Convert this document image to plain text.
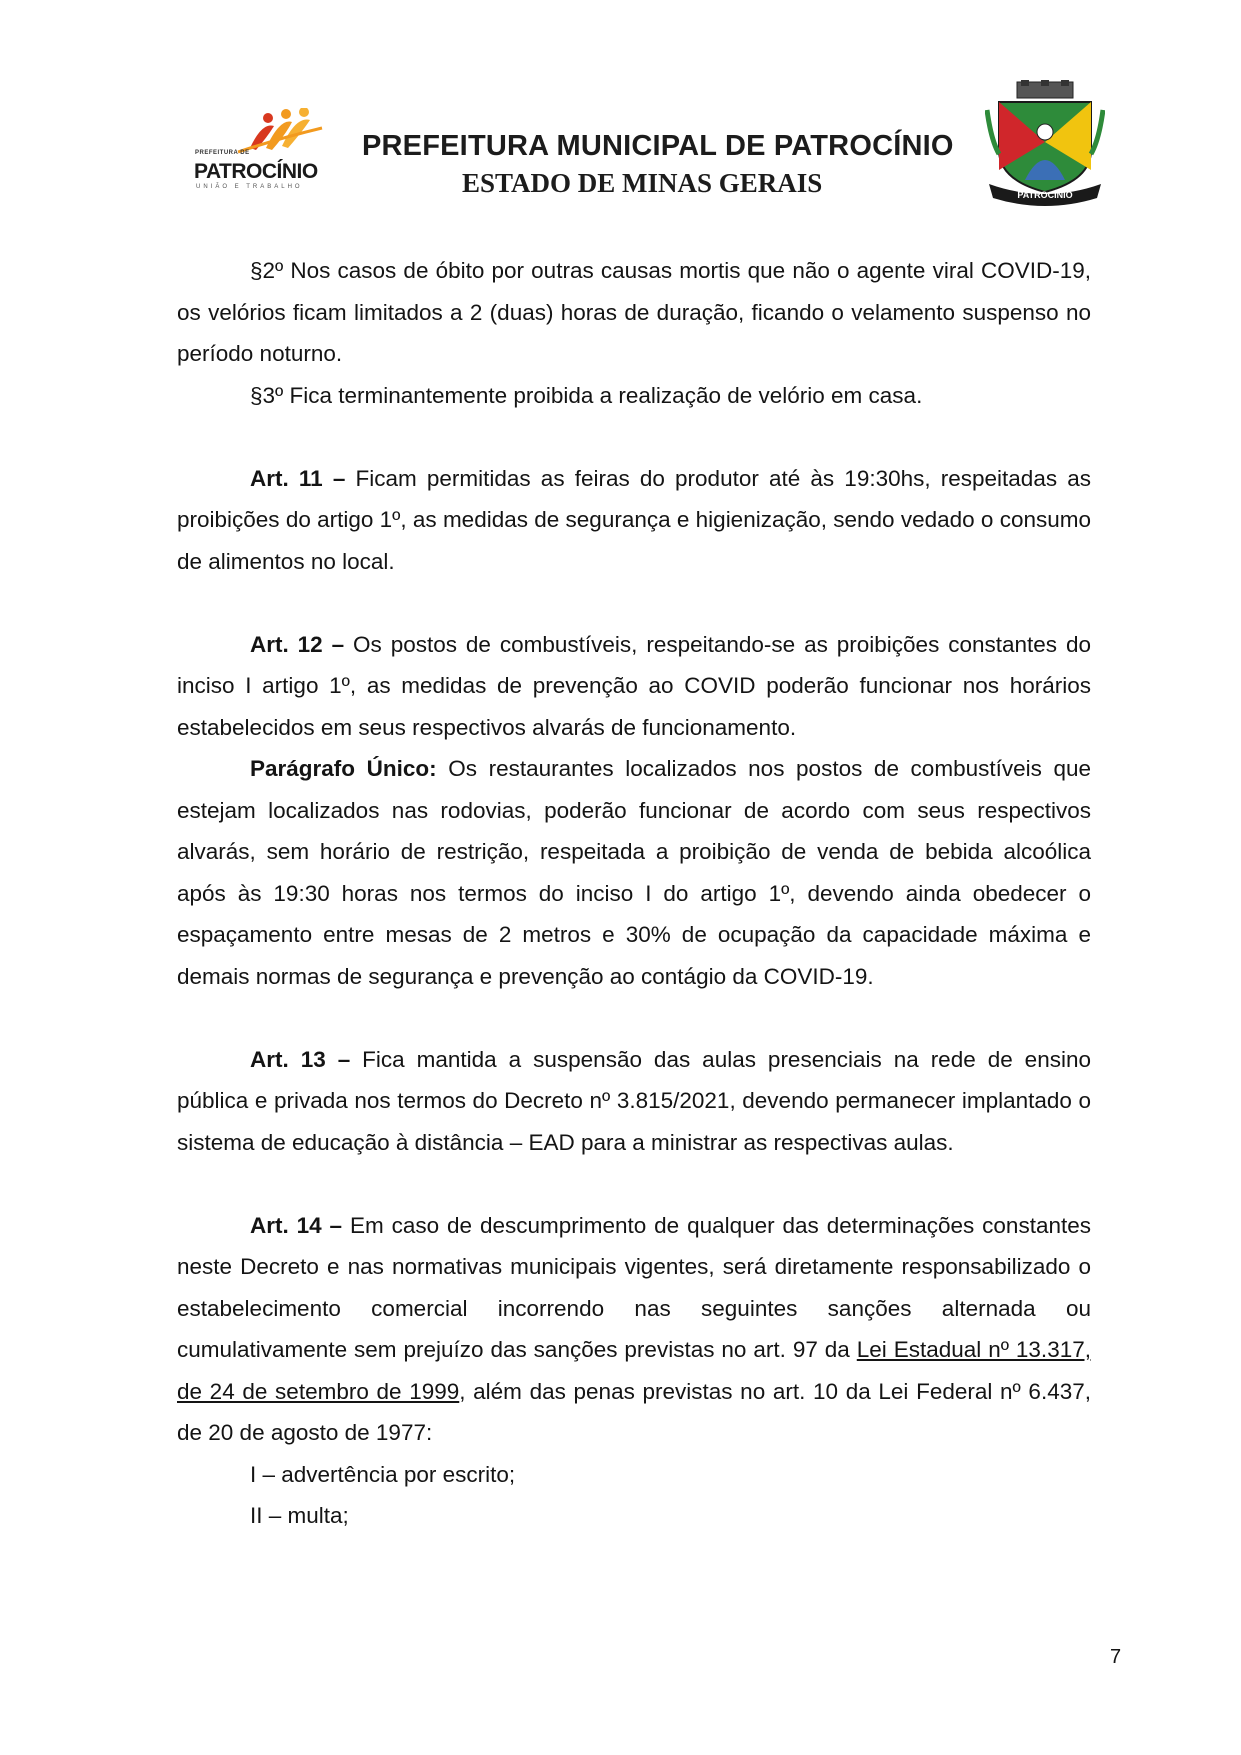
PREFEITURA DE
PATROCÍNIO
UNIÃO E TRABALHO
PREFEITURA MUNICIPAL DE PATROCÍNIO
ESTADO DE MINAS GERAIS	PATROCÍNIO

§2º Nos casos de óbito por outras causas mortis que não o agente viral COVID-19, os velórios ficam limitados a 2 (duas) horas de duração, ficando o velamento suspenso no período noturno.

§3º Fica terminantemente proibida a realização de velório em casa.

Art. 11 – Ficam permitidas as feiras do produtor até às 19:30hs, respeitadas as proibições do artigo 1º, as medidas de segurança e higienização, sendo vedado o consumo de alimentos no local.

Art. 12 – Os postos de combustíveis, respeitando-se as proibições constantes do inciso I artigo 1º, as medidas de prevenção ao COVID poderão funcionar nos horários estabelecidos em seus respectivos alvarás de funcionamento.

Parágrafo Único: Os restaurantes localizados nos postos de combustíveis que estejam localizados nas rodovias, poderão funcionar de acordo com seus respectivos alvarás, sem horário de restrição, respeitada a proibição de venda de bebida alcoólica após às 19:30 horas nos termos do inciso I do artigo 1º, devendo ainda obedecer o espaçamento entre mesas de 2 metros e 30% de ocupação da capacidade máxima e demais normas de segurança e prevenção ao contágio da COVID-19.

Art. 13 – Fica mantida a suspensão das aulas presenciais na rede de ensino pública e privada nos termos do Decreto nº 3.815/2021, devendo permanecer implantado o sistema de educação à distância – EAD para a ministrar as respectivas aulas.

Art. 14 – Em caso de descumprimento de qualquer das determinações constantes neste Decreto e nas normativas municipais vigentes, será diretamente responsabilizado o estabelecimento comercial incorrendo nas seguintes sanções alternada ou cumulativamente sem prejuízo das sanções previstas no art. 97 da Lei Estadual nº 13.317, de 24 de setembro de 1999, além das penas previstas no art. 10 da Lei Federal nº 6.437, de 20 de agosto de 1977:

I – advertência por escrito;

II – multa;

7
